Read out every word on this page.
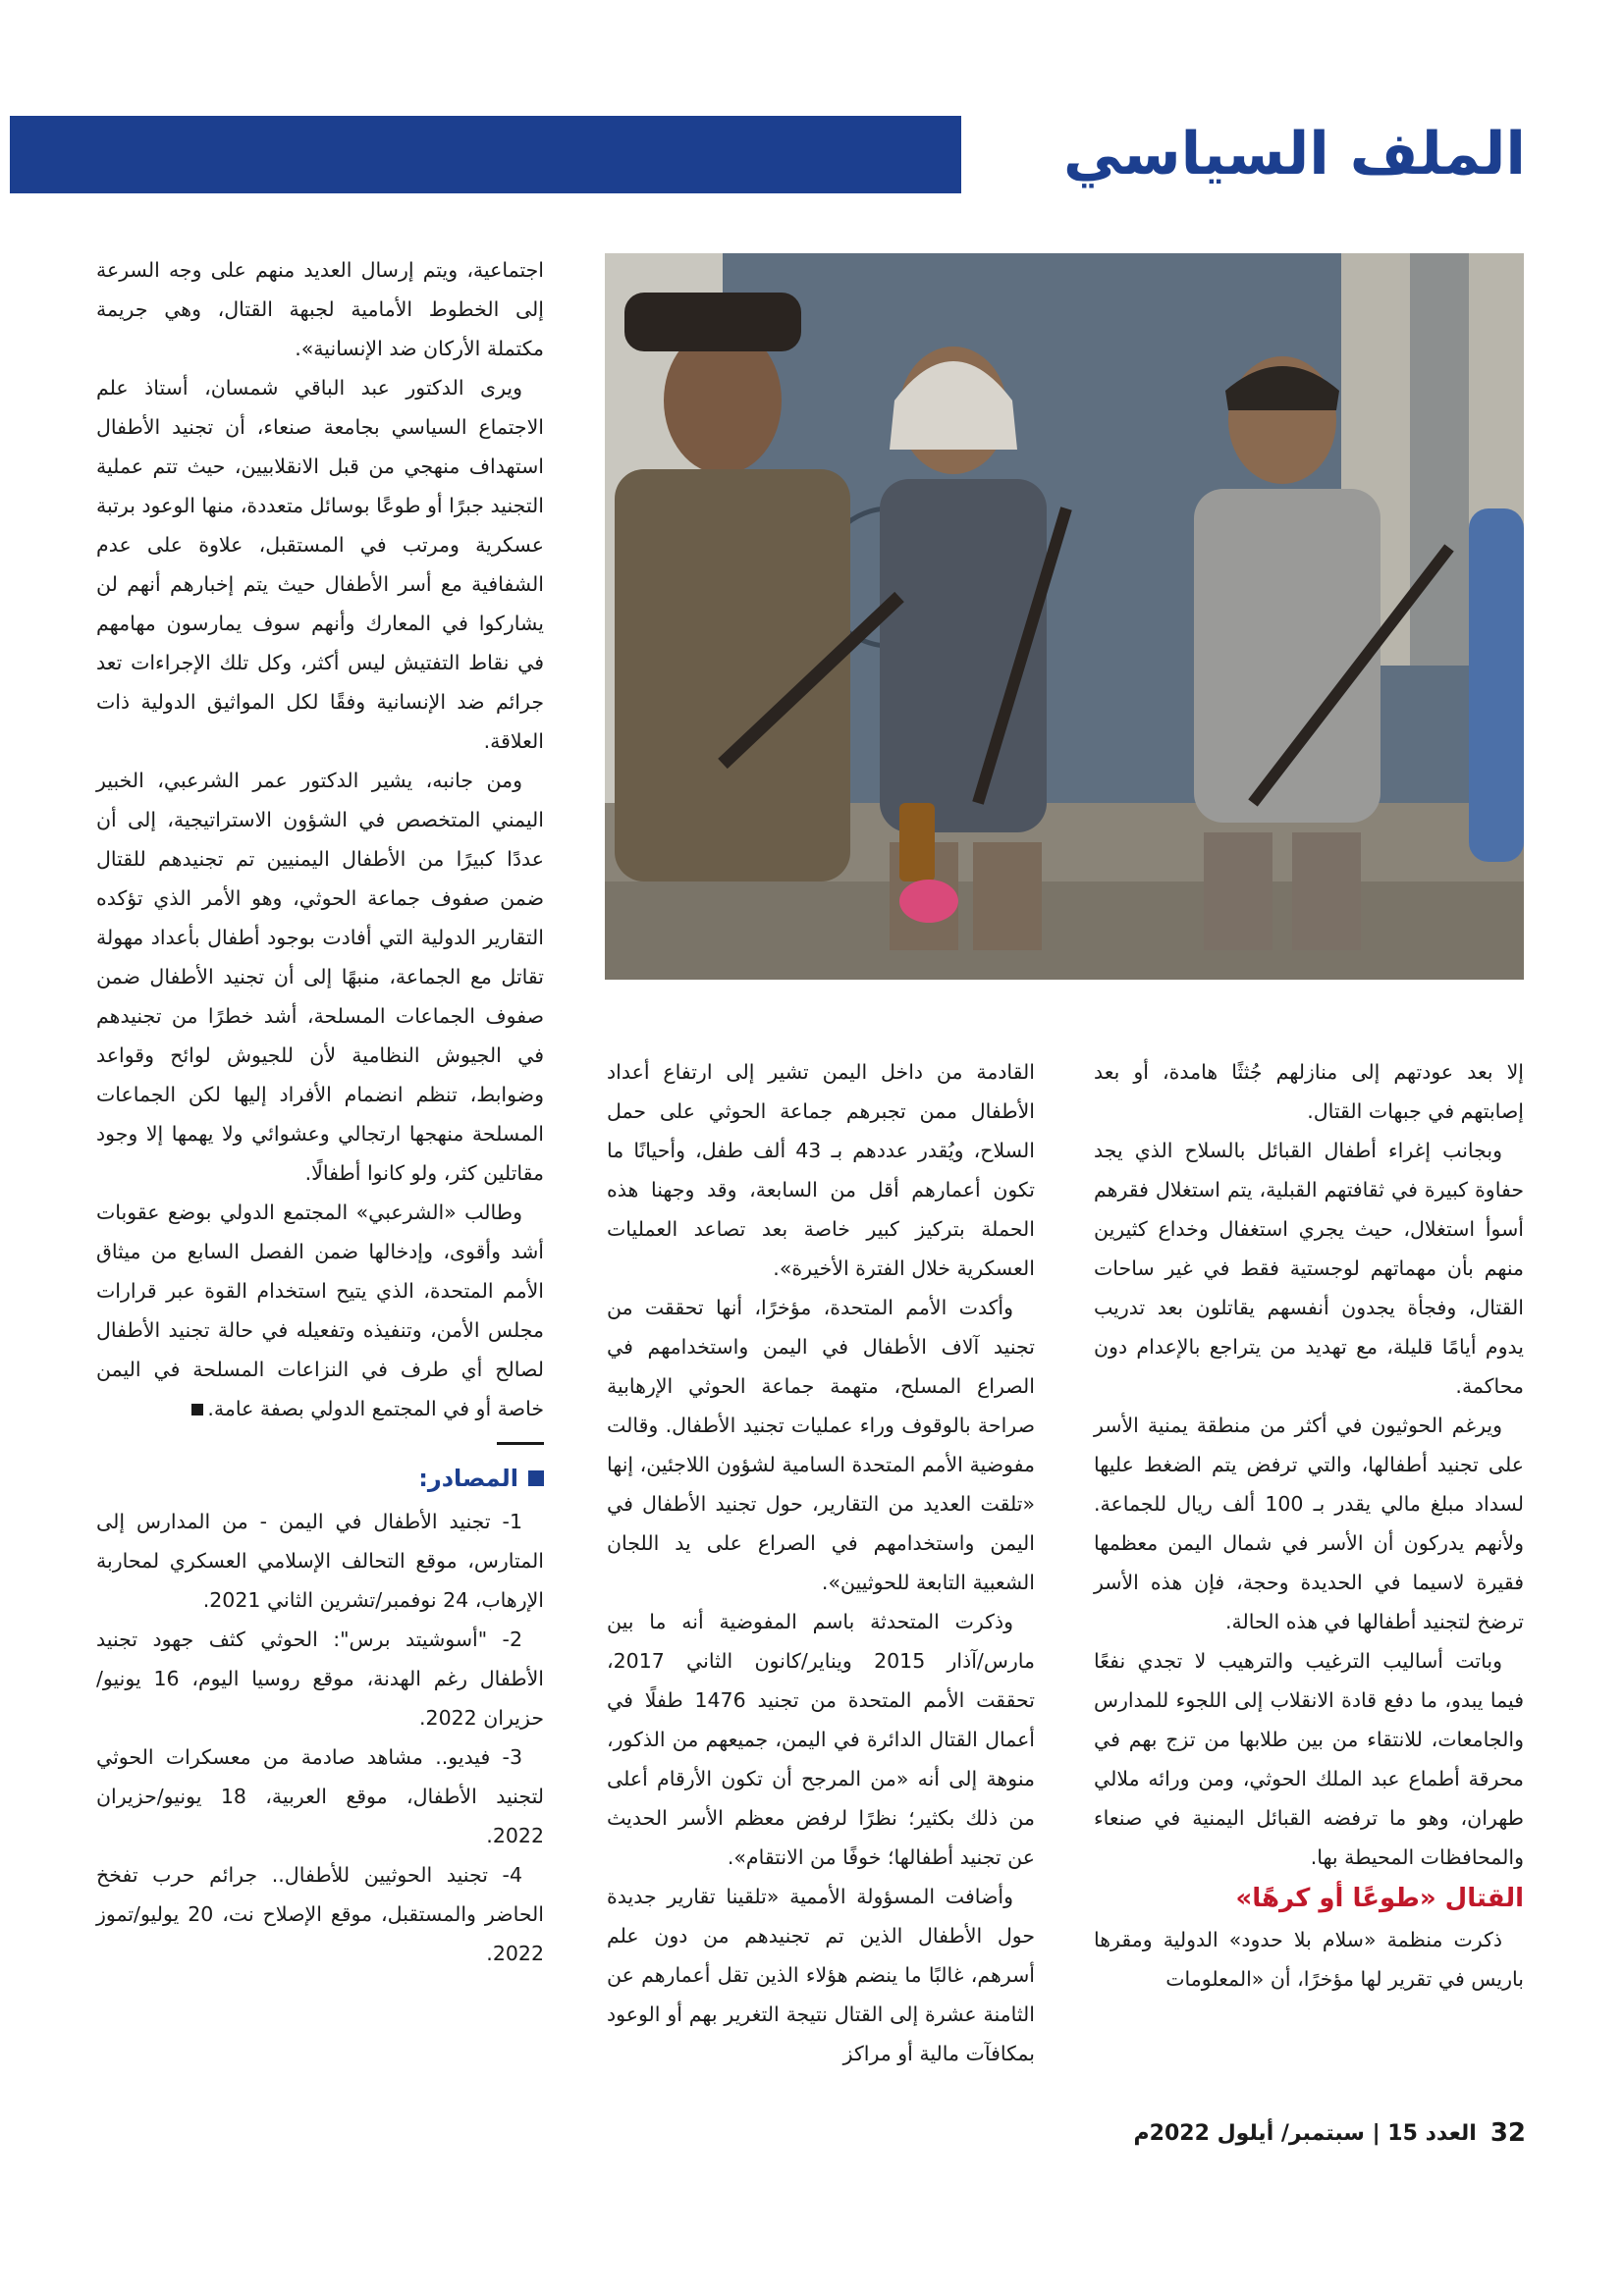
الملف السياسي

إلا بعد عودتهم إلى منازلهم جُثثًا هامدة، أو بعد إصابتهم في جبهات القتال.

وبجانب إغراء أطفال القبائل بالسلاح الذي يجد حفاوة كبيرة في ثقافتهم القبلية، يتم استغلال فقرهم أسوأ استغلال، حيث يجري استغفال وخداع كثيرين منهم بأن مهماتهم لوجستية فقط في غير ساحات القتال، وفجأة يجدون أنفسهم يقاتلون بعد تدريب يدوم أيامًا قليلة، مع تهديد من يتراجع بالإعدام دون محاكمة.

ويرغم الحوثيون في أكثر من منطقة يمنية الأسر على تجنيد أطفالها، والتي ترفض يتم الضغط عليها لسداد مبلغ مالي يقدر بـ 100 ألف ريال للجماعة. ولأنهم يدركون أن الأسر في شمال اليمن معظمها فقيرة لاسيما في الحديدة وحجة، فإن هذه الأسر ترضخ لتجنيد أطفالها في هذه الحالة.

وباتت أساليب الترغيب والترهيب لا تجدي نفعًا فيما يبدو، ما دفع قادة الانقلاب إلى اللجوء للمدارس والجامعات، للانتقاء من بين طلابها من تزج بهم في محرقة أطماع عبد الملك الحوثي، ومن ورائه ملالي طهران، وهو ما ترفضه القبائل اليمنية في صنعاء والمحافظات المحيطة بها.

القتال «طوعًا أو كرهًا»

ذكرت منظمة «سلام بلا حدود» الدولية ومقرها باريس في تقرير لها مؤخرًا، أن «المعلومات

القادمة من داخل اليمن تشير إلى ارتفاع أعداد الأطفال ممن تجبرهم جماعة الحوثي على حمل السلاح، ويُقدر عددهم بـ 43 ألف طفل، وأحيانًا ما تكون أعمارهم أقل من السابعة، وقد وجهنا هذه الحملة بتركيز كبير خاصة بعد تصاعد العمليات العسكرية خلال الفترة الأخيرة».

وأكدت الأمم المتحدة، مؤخرًا، أنها تحققت من تجنيد آلاف الأطفال في اليمن واستخدامهم في الصراع المسلح، متهمة جماعة الحوثي الإرهابية صراحة بالوقوف وراء عمليات تجنيد الأطفال. وقالت مفوضية الأمم المتحدة السامية لشؤون اللاجئين، إنها «تلقت العديد من التقارير، حول تجنيد الأطفال في اليمن واستخدامهم في الصراع على يد اللجان الشعبية التابعة للحوثيين».

وذكرت المتحدثة باسم المفوضية أنه ما بين مارس/آذار 2015 ويناير/كانون الثاني 2017، تحققت الأمم المتحدة من تجنيد 1476 طفلًا في أعمال القتال الدائرة في اليمن، جميعهم من الذكور، منوهة إلى أنه «من المرجح أن تكون الأرقام أعلى من ذلك بكثير؛ نظرًا لرفض معظم الأسر الحديث عن تجنيد أطفالها؛ خوفًا من الانتقام».

وأضافت المسؤولة الأممية «تلقينا تقارير جديدة حول الأطفال الذين تم تجنيدهم من دون علم أسرهم، غالبًا ما ينضم هؤلاء الذين تقل أعمارهم عن الثامنة عشرة إلى القتال نتيجة التغرير بهم أو الوعود بمكافآت مالية أو مراكز

اجتماعية، ويتم إرسال العديد منهم على وجه السرعة إلى الخطوط الأمامية لجبهة القتال، وهي جريمة مكتملة الأركان ضد الإنسانية».

ويرى الدكتور عبد الباقي شمسان، أستاذ علم الاجتماع السياسي بجامعة صنعاء، أن تجنيد الأطفال استهداف منهجي من قبل الانقلابيين، حيث تتم عملية التجنيد جبرًا أو طوعًا بوسائل متعددة، منها الوعود برتبة عسكرية ومرتب في المستقبل، علاوة على عدم الشفافية مع أسر الأطفال حيث يتم إخبارهم أنهم لن يشاركوا في المعارك وأنهم سوف يمارسون مهامهم في نقاط التفتيش ليس أكثر، وكل تلك الإجراءات تعد جرائم ضد الإنسانية وفقًا لكل المواثيق الدولية ذات العلاقة.

ومن جانبه، يشير الدكتور عمر الشرعبي، الخبير اليمني المتخصص في الشؤون الاستراتيجية، إلى أن عددًا كبيرًا من الأطفال اليمنيين تم تجنيدهم للقتال ضمن صفوف جماعة الحوثي، وهو الأمر الذي تؤكده التقارير الدولية التي أفادت بوجود أطفال بأعداد مهولة تقاتل مع الجماعة، منبهًا إلى أن تجنيد الأطفال ضمن صفوف الجماعات المسلحة، أشد خطرًا من تجنيدهم في الجيوش النظامية لأن للجيوش لوائح وقواعد وضوابط، تنظم انضمام الأفراد إليها لكن الجماعات المسلحة منهجها ارتجالي وعشوائي ولا يهمها إلا وجود مقاتلين كثر، ولو كانوا أطفالًا.

وطالب «الشرعبي» المجتمع الدولي بوضع عقوبات أشد وأقوى، وإدخالها ضمن الفصل السابع من ميثاق الأمم المتحدة، الذي يتيح استخدام القوة عبر قرارات مجلس الأمن، وتنفيذه وتفعيله في حالة تجنيد الأطفال لصالح أي طرف في النزاعات المسلحة في اليمن خاصة أو في المجتمع الدولي بصفة عامة.

المصادر:

1- تجنيد الأطفال في اليمن - من المدارس إلى المتارس، موقع التحالف الإسلامي العسكري لمحاربة الإرهاب، 24 نوفمبر/تشرين الثاني 2021.

2- "أسوشيتد برس": الحوثي كثف جهود تجنيد الأطفال رغم الهدنة، موقع روسيا اليوم، 16 يونيو/حزيران 2022.

3- فيديو.. مشاهد صادمة من معسكرات الحوثي لتجنيد الأطفال، موقع العربية، 18 يونيو/حزيران 2022.

4- تجنيد الحوثيين للأطفال.. جرائم حرب تفخخ الحاضر والمستقبل، موقع الإصلاح نت، 20 يوليو/تموز 2022.

32
العدد 15 | سبتمبر/ أيلول 2022م
